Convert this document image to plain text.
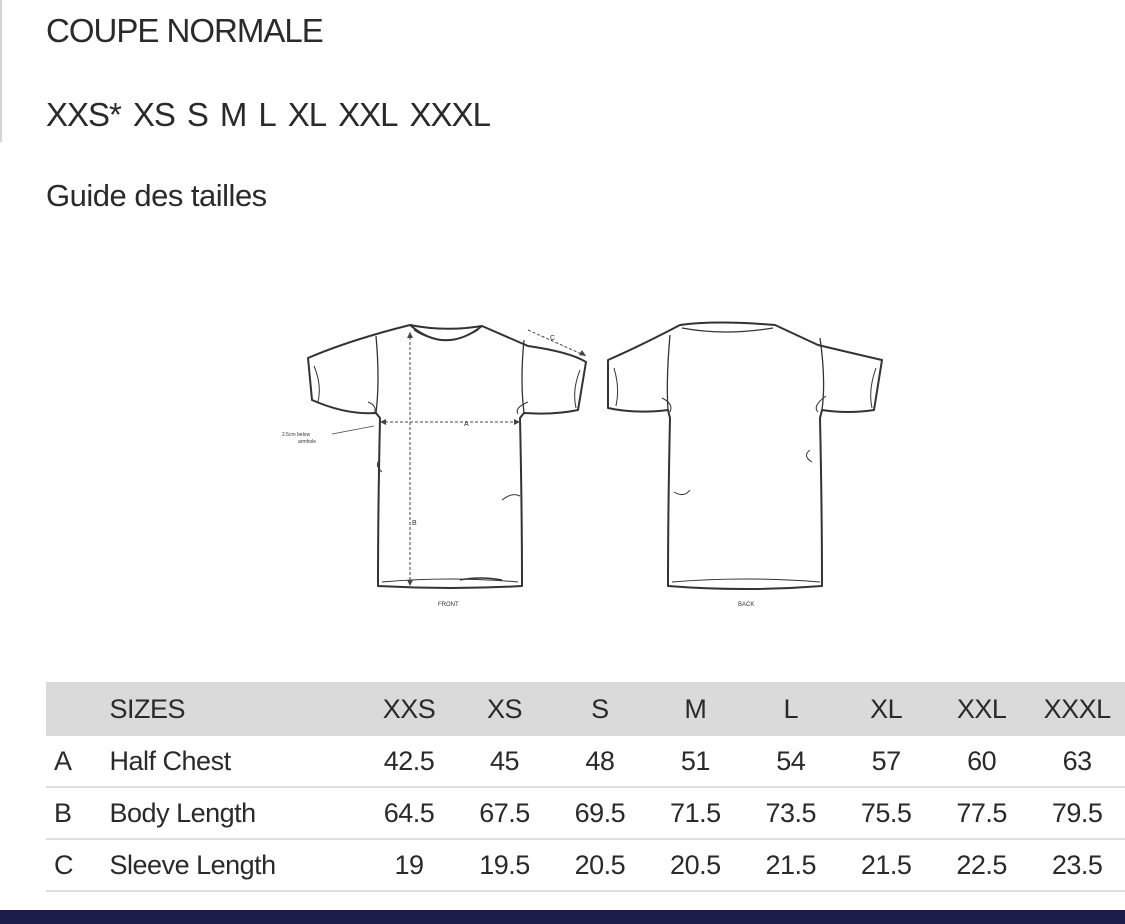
COUPE NORMALE
XXS* XS S M L XL XXL XXXL
Guide des tailles
A
B
C
2.5cm below
armhole
FRONT	BACK
	SIZES	XXS	XS	S	M	L	XL	XXL	XXXL
A	Half Chest	42.5	45	48	51	54	57	60	63
B	Body Length	64.5	67.5	69.5	71.5	73.5	75.5	77.5	79.5
C	Sleeve Length	19	19.5	20.5	20.5	21.5	21.5	22.5	23.5
